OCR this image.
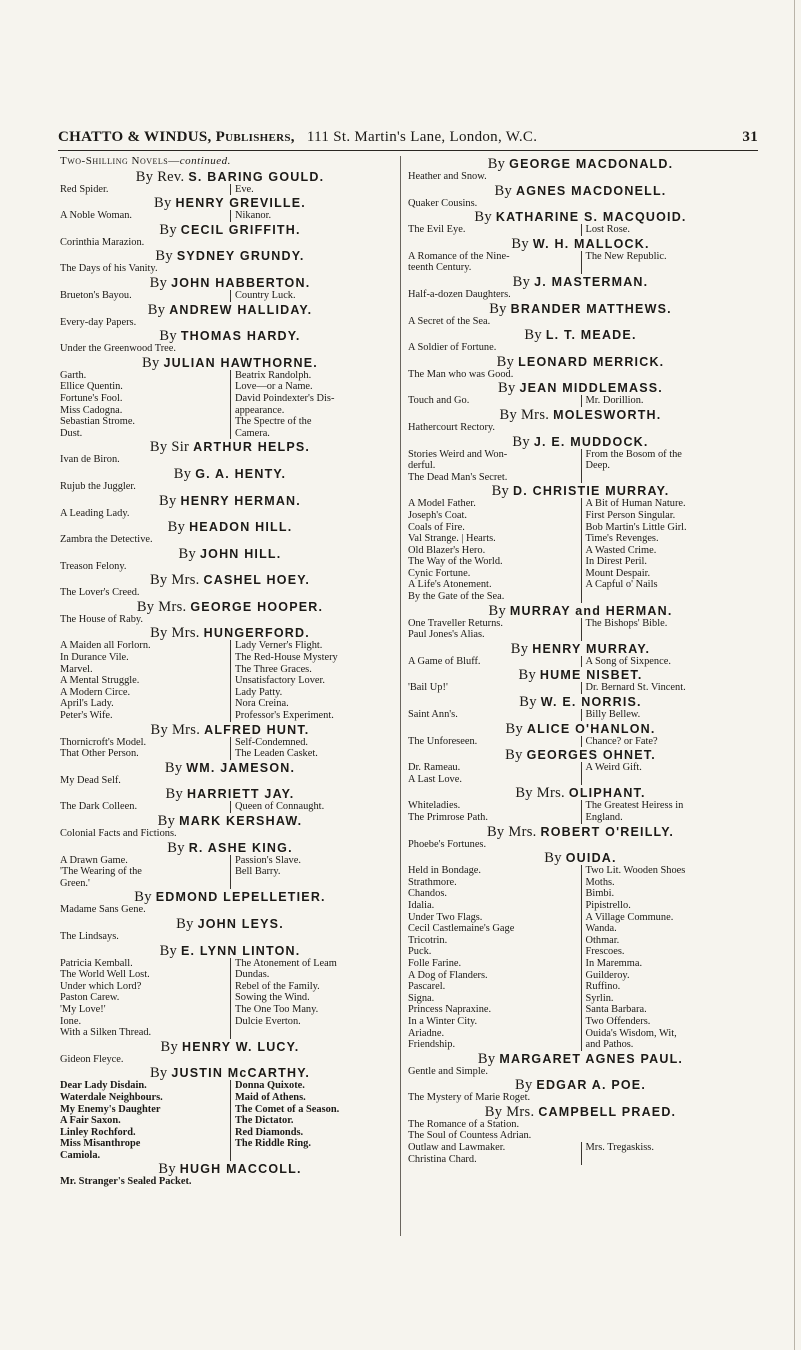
CHATTO & WINDUS, Publishers, 111 St. Martin's Lane, London, W.C.	31
Two-Shilling Novels—continued.
By Rev. S. BARING GOULD.
Red Spider.	Eve.
By HENRY GREVILLE.
A Noble Woman.	Nikanor.
By CECIL GRIFFITH.
Corinthia Marazion.
By SYDNEY GRUNDY.
The Days of his Vanity.
By JOHN HABBERTON.
Brueton's Bayou.	Country Luck.
By ANDREW HALLIDAY.
Every-day Papers.
By THOMAS HARDY.
Under the Greenwood Tree.
By JULIAN HAWTHORNE.
Garth.	Beatrix Randolph.
Ellice Quentin.	Love—or a Name.
Fortune's Fool.	David Poindexter's Dis-
Miss Cadogna.	appearance.
Sebastian Strome.	The Spectre of the
Dust.	Camera.
By Sir ARTHUR HELPS.
Ivan de Biron.
By G. A. HENTY.
Rujub the Juggler.
By HENRY HERMAN.
A Leading Lady.
By HEADON HILL.
Zambra the Detective.
By JOHN HILL.
Treason Felony.
By Mrs. CASHEL HOEY.
The Lover's Creed.
By Mrs. GEORGE HOOPER.
The House of Raby.
By Mrs. HUNGERFORD.
A Maiden all Forlorn.	Lady Verner's Flight.
In Durance Vile.	The Red-House Mystery
Marvel.	The Three Graces.
A Mental Struggle.	Unsatisfactory Lover.
A Modern Circe.	Lady Patty.
April's Lady.	Nora Creina.
Peter's Wife.	Professor's Experiment.
By Mrs. ALFRED HUNT.
Thornicroft's Model.	Self-Condemned.
That Other Person.	The Leaden Casket.
By WM. JAMESON.
My Dead Self.
By HARRIETT JAY.
The Dark Colleen.	Queen of Connaught.
By MARK KERSHAW.
Colonial Facts and Fictions.
By R. ASHE KING.
A Drawn Game.	Passion's Slave.
'The Wearing of the	Bell Barry.
Green.'
By EDMOND LEPELLETIER.
Madame Sans Gene.
By JOHN LEYS.
The Lindsays.
By E. LYNN LINTON.
Patricia Kemball.	The Atonement of Leam
The World Well Lost.	Dundas.
Under which Lord?	Rebel of the Family.
Paston Carew.	Sowing the Wind.
'My Love!'	The One Too Many.
Ione.	Dulcie Everton.
With a Silken Thread.
By HENRY W. LUCY.
Gideon Fleyce.
By JUSTIN McCARTHY.
Dear Lady Disdain.	Donna Quixote.
Waterdale Neighbours.	Maid of Athens.
My Enemy's Daughter	The Comet of a Season.
A Fair Saxon.	The Dictator.
Linley Rochford.	Red Diamonds.
Miss Misanthrope	The Riddle Ring.
Camiola.
By HUGH MACCOLL.
Mr. Stranger's Sealed Packet.
By GEORGE MACDONALD.
Heather and Snow.
By AGNES MACDONELL.
Quaker Cousins.
By KATHARINE S. MACQUOID.
The Evil Eye.	Lost Rose.
By W. H. MALLOCK.
A Romance of the Nine-	The New Republic.
teenth Century.
By J. MASTERMAN.
Half-a-dozen Daughters.
By BRANDER MATTHEWS.
A Secret of the Sea.
By L. T. MEADE.
A Soldier of Fortune.
By LEONARD MERRICK.
The Man who was Good.
By JEAN MIDDLEMASS.
Touch and Go.	Mr. Dorillion.
By Mrs. MOLESWORTH.
Hathercourt Rectory.
By J. E. MUDDOCK.
Stories Weird and Won-	From the Bosom of the
derful.	Deep.
The Dead Man's Secret.
By D. CHRISTIE MURRAY.
A Model Father.	A Bit of Human Nature.
Joseph's Coat.	First Person Singular.
Coals of Fire.	Bob Martin's Little Girl.
Val Strange. | Hearts.	Time's Revenges.
Old Blazer's Hero.	A Wasted Crime.
The Way of the World.	In Direst Peril.
Cynic Fortune.	Mount Despair.
A Life's Atonement.	A Capful o' Nails
By the Gate of the Sea.
By MURRAY and HERMAN.
One Traveller Returns.	The Bishops' Bible.
Paul Jones's Alias.
By HENRY MURRAY.
A Game of Bluff.	A Song of Sixpence.
By HUME NISBET.
'Bail Up!'	Dr. Bernard St. Vincent.
By W. E. NORRIS.
Saint Ann's.	Billy Bellew.
By ALICE O'HANLON.
The Unforeseen.	Chance? or Fate?
By GEORGES OHNET.
Dr. Rameau.	A Weird Gift.
A Last Love.
By Mrs. OLIPHANT.
Whiteladies.	The Greatest Heiress in
The Primrose Path.	England.
By Mrs. ROBERT O'REILLY.
Phoebe's Fortunes.
By OUIDA.
Held in Bondage.	Two Lit. Wooden Shoes
Strathmore.	Moths.
Chandos.	Bimbi.
Idalia.	Pipistrello.
Under Two Flags.	A Village Commune.
Cecil Castlemaine's Gage	Wanda.
Tricotrin.	Othmar.
Puck.	Frescoes.
Folle Farine.	In Maremma.
A Dog of Flanders.	Guilderoy.
Pascarel.	Ruffino.
Signa.	Syrlin.
Princess Napraxine.	Santa Barbara.
In a Winter City.	Two Offenders.
Ariadne.	Ouida's Wisdom, Wit,
Friendship.	and Pathos.
By MARGARET AGNES PAUL.
Gentle and Simple.
By EDGAR A. POE.
The Mystery of Marie Roget.
By Mrs. CAMPBELL PRAED.
The Romance of a Station.
The Soul of Countess Adrian.
Outlaw and Lawmaker.	Mrs. Tregaskiss.
Christina Chard.
